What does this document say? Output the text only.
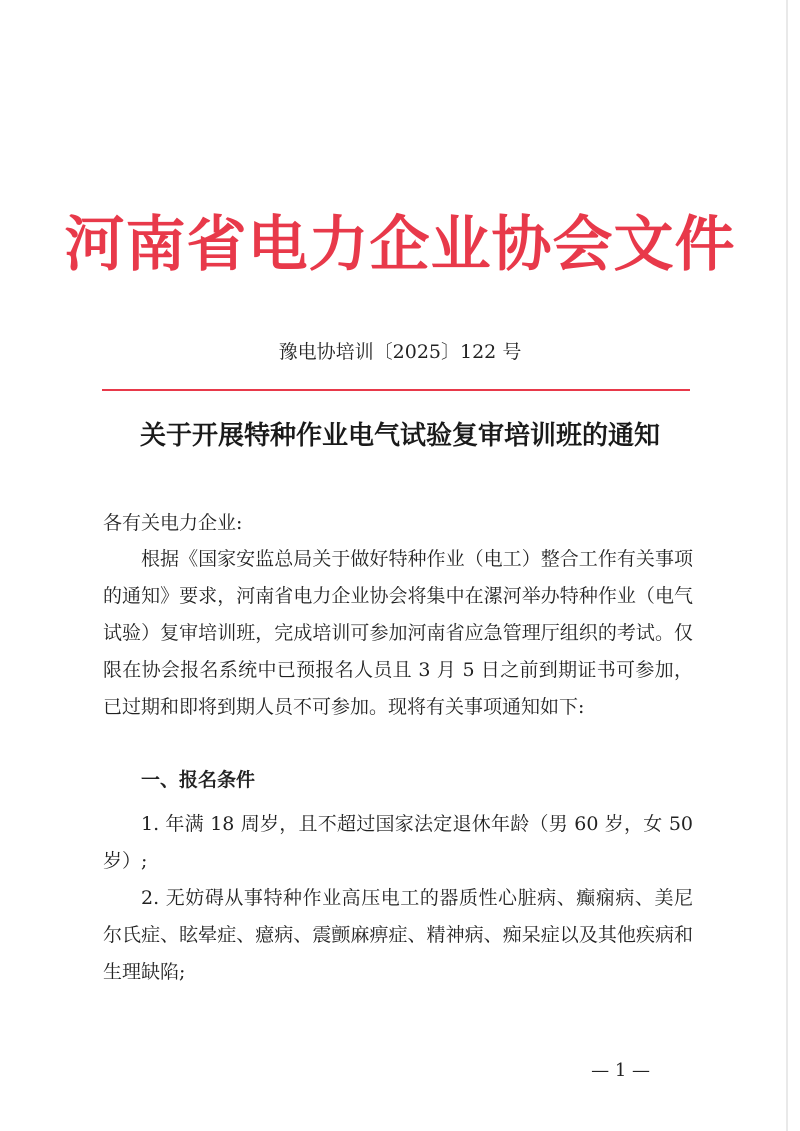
河南省电力企业协会文件
豫电协培训〔2025〕122 号
关于开展特种作业电气试验复审培训班的通知
各有关电力企业:

根据《国家安监总局关于做好特种作业（电工）整合工作有关事项的通知》要求，河南省电力企业协会将集中在漯河举办特种作业（电气试验）复审培训班，完成培训可参加河南省应急管理厅组织的考试。仅限在协会报名系统中已预报名人员且 3 月 5 日之前到期证书可参加，已过期和即将到期人员不可参加。现将有关事项通知如下:

一、报名条件

1. 年满 18 周岁，且不超过国家法定退休年龄（男 60 岁，女 50 岁）;

2. 无妨碍从事特种作业高压电工的器质性心脏病、癫痫病、美尼尔氏症、眩晕症、癔病、震颤麻痹症、精神病、痴呆症以及其他疾病和生理缺陷;

— 1 —
